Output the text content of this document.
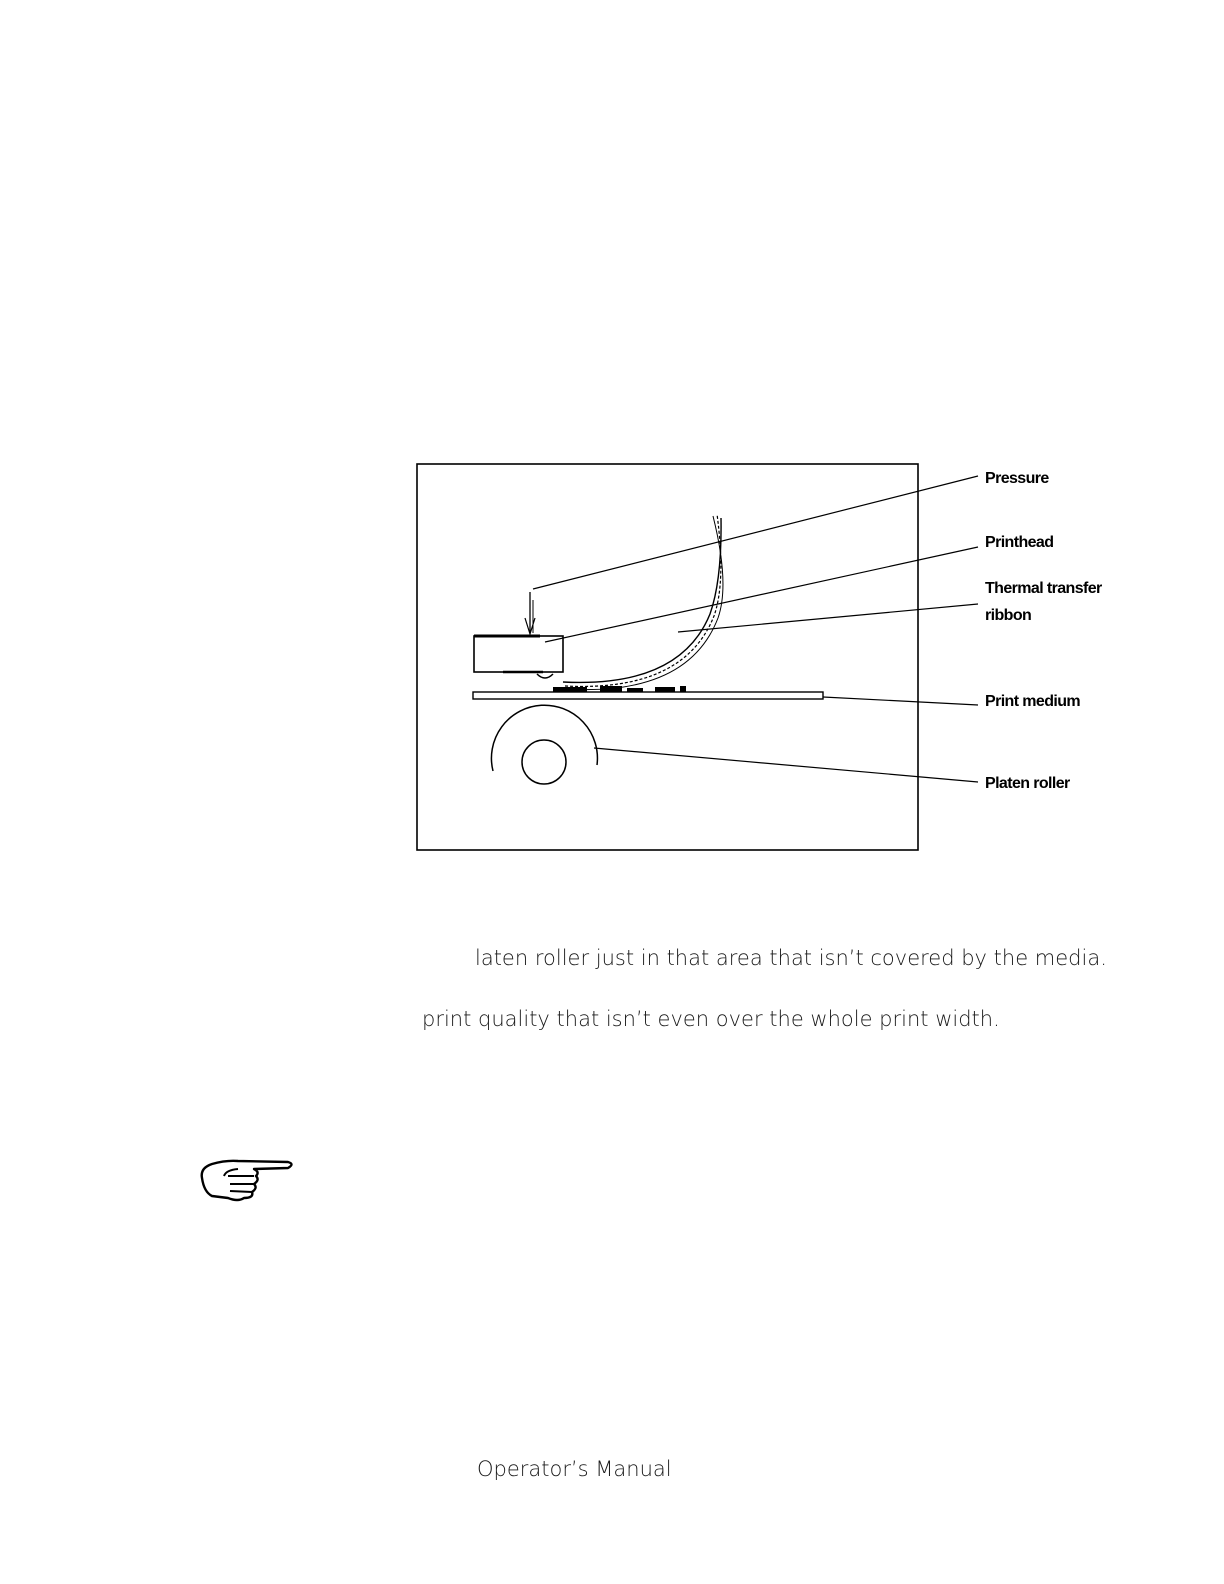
Pressure
Printhead
Thermal transfer
ribbon
Print medium
Platen roller
laten roller just in that area that isn’t covered by the media.
print quality that isn’t even over the whole print width.
Operator’s Manual
